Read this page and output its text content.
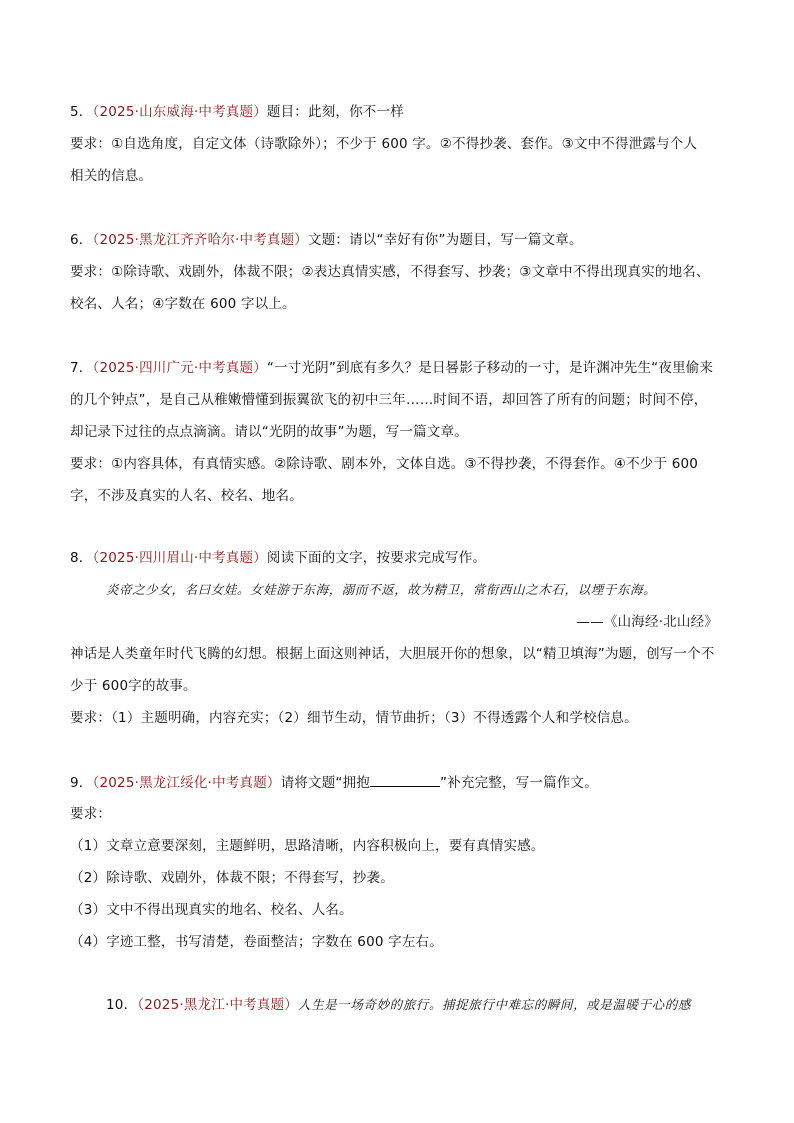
5．（2025·山东威海·中考真题）题目：此刻，你不一样
要求：①自选角度，自定文体（诗歌除外）；不少于 600 字。②不得抄袭、套作。③文中不得泄露与个人
相关的信息。
6．（2025·黑龙江齐齐哈尔·中考真题）文题：请以“幸好有你”为题目，写一篇文章。
要求：①除诗歌、戏剧外，体裁不限；②表达真情实感，不得套写、抄袭；③文章中不得出现真实的地名、
校名、人名；④字数在 600 字以上。
7．（2025·四川广元·中考真题）“一寸光阴”到底有多久？是日晷影子移动的一寸，是许渊冲先生“夜里偷来
的几个钟点”，是自己从稚嫩懵懂到振翼欲飞的初中三年……时间不语，却回答了所有的问题；时间不停，
却记录下过往的点点滴滴。请以“光阴的故事”为题，写一篇文章。
要求：①内容具体，有真情实感。②除诗歌、剧本外，文体自选。③不得抄袭，不得套作。④不少于 600
字，不涉及真实的人名、校名、地名。
8．（2025·四川眉山·中考真题）阅读下面的文字，按要求完成写作。
炎帝之少女，名曰女娃。女娃游于东海，溺而不返，故为精卫，常衔西山之木石，以堙于东海。
——《山海经·北山经》
神话是人类童年时代飞腾的幻想。根据上面这则神话，大胆展开你的想象，以“精卫填海”为题，创写一个不
少于 600字的故事。
要求：（1）主题明确，内容充实；（2）细节生动，情节曲折；（3）不得透露个人和学校信息。
9．（2025·黑龙江绥化·中考真题）请将文题“拥抱	”补充完整，写一篇作文。
要求：
（1）文章立意要深刻，主题鲜明，思路清晰，内容积极向上，要有真情实感。
（2）除诗歌、戏剧外，体裁不限；不得套写，抄袭。
（3）文中不得出现真实的地名、校名、人名。
（4）字迹工整，书写清楚，卷面整洁；字数在 600 字左右。
10．（2025·黑龙江·中考真题）人生是一场奇妙的旅行。捕捉旅行中难忘的瞬间，或是温暖于心的感
